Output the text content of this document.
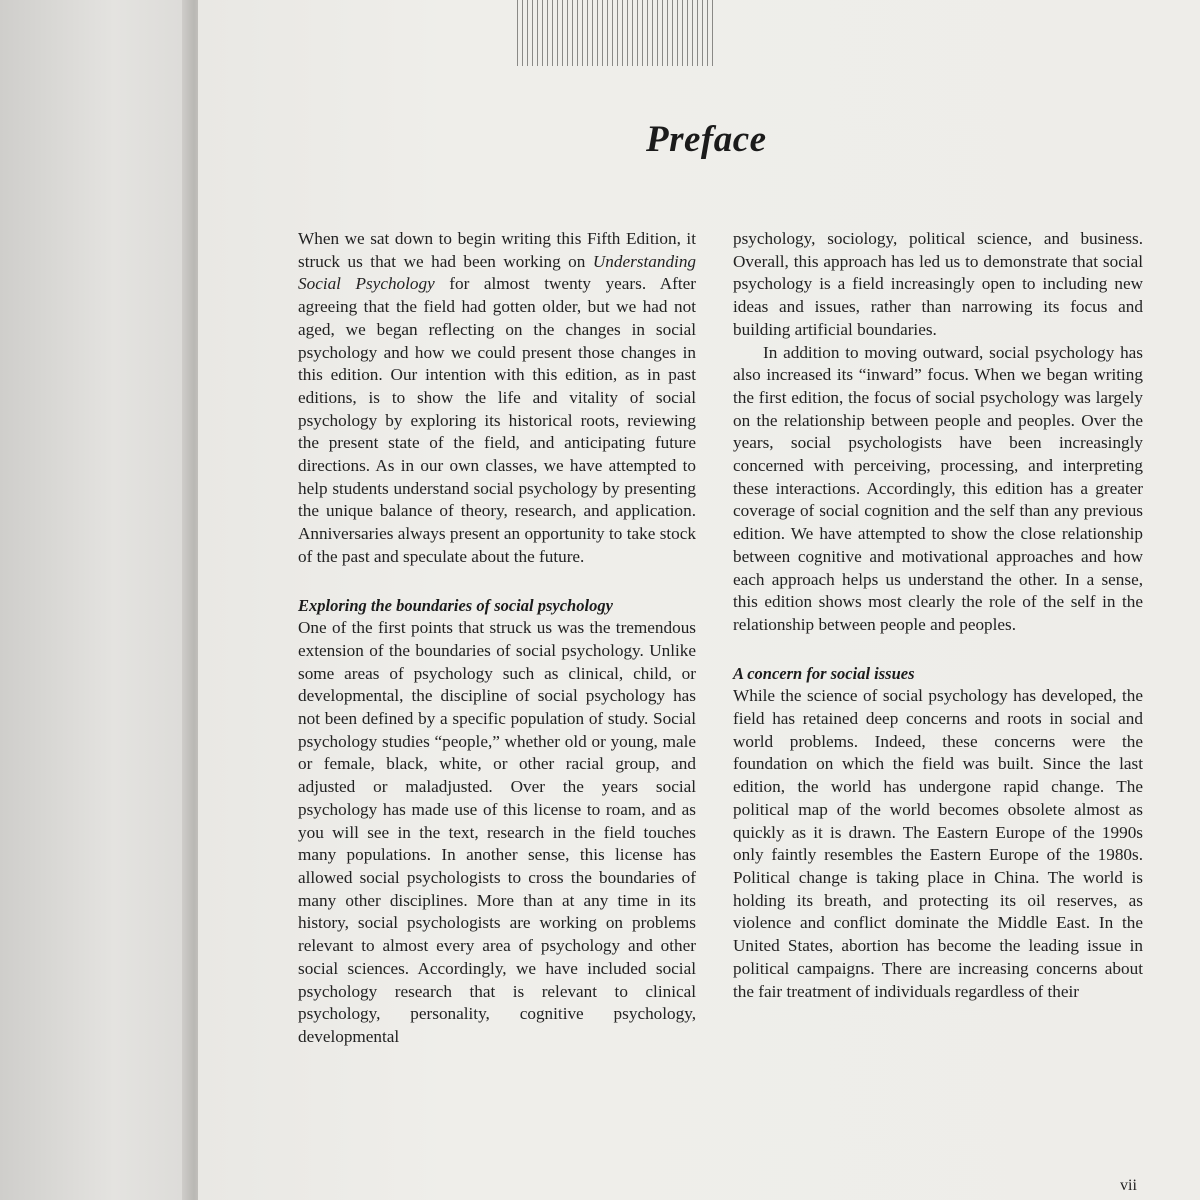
Preface

When we sat down to begin writing this Fifth Edition, it struck us that we had been working on Understanding Social Psychology for almost twenty years. After agreeing that the field had gotten older, but we had not aged, we began reflecting on the changes in social psychology and how we could present those changes in this edition. Our intention with this edition, as in past editions, is to show the life and vitality of social psychology by exploring its historical roots, reviewing the present state of the field, and anticipating future directions. As in our own classes, we have attempted to help students understand social psychology by presenting the unique balance of theory, research, and application. Anniversaries always present an opportunity to take stock of the past and speculate about the future.

Exploring the boundaries of social psychology

One of the first points that struck us was the tremendous extension of the boundaries of social psychology. Unlike some areas of psychology such as clinical, child, or developmental, the discipline of social psychology has not been defined by a specific population of study. Social psychology studies “people,” whether old or young, male or female, black, white, or other racial group, and adjusted or maladjusted. Over the years social psychology has made use of this license to roam, and as you will see in the text, research in the field touches many populations. In another sense, this license has allowed social psychologists to cross the boundaries of many other disciplines. More than at any time in its history, social psychologists are working on problems relevant to almost every area of psychology and other social sciences. Accordingly, we have included social psychology research that is relevant to clinical psychology, personality, cognitive psychology, developmental

psychology, sociology, political science, and business. Overall, this approach has led us to demonstrate that social psychology is a field increasingly open to including new ideas and issues, rather than narrowing its focus and building artificial boundaries.

In addition to moving outward, social psychology has also increased its “inward” focus. When we began writing the first edition, the focus of social psychology was largely on the relationship between people and peoples. Over the years, social psychologists have been increasingly concerned with perceiving, processing, and interpreting these interactions. Accordingly, this edition has a greater coverage of social cognition and the self than any previous edition. We have attempted to show the close relationship between cognitive and motivational approaches and how each approach helps us understand the other. In a sense, this edition shows most clearly the role of the self in the relationship between people and peoples.

A concern for social issues

While the science of social psychology has developed, the field has retained deep concerns and roots in social and world problems. Indeed, these concerns were the foundation on which the field was built. Since the last edition, the world has undergone rapid change. The political map of the world becomes obsolete almost as quickly as it is drawn. The Eastern Europe of the 1990s only faintly resembles the Eastern Europe of the 1980s. Political change is taking place in China. The world is holding its breath, and protecting its oil reserves, as violence and conflict dominate the Middle East. In the United States, abortion has become the leading issue in political campaigns. There are increasing concerns about the fair treatment of individuals regardless of their

vii
